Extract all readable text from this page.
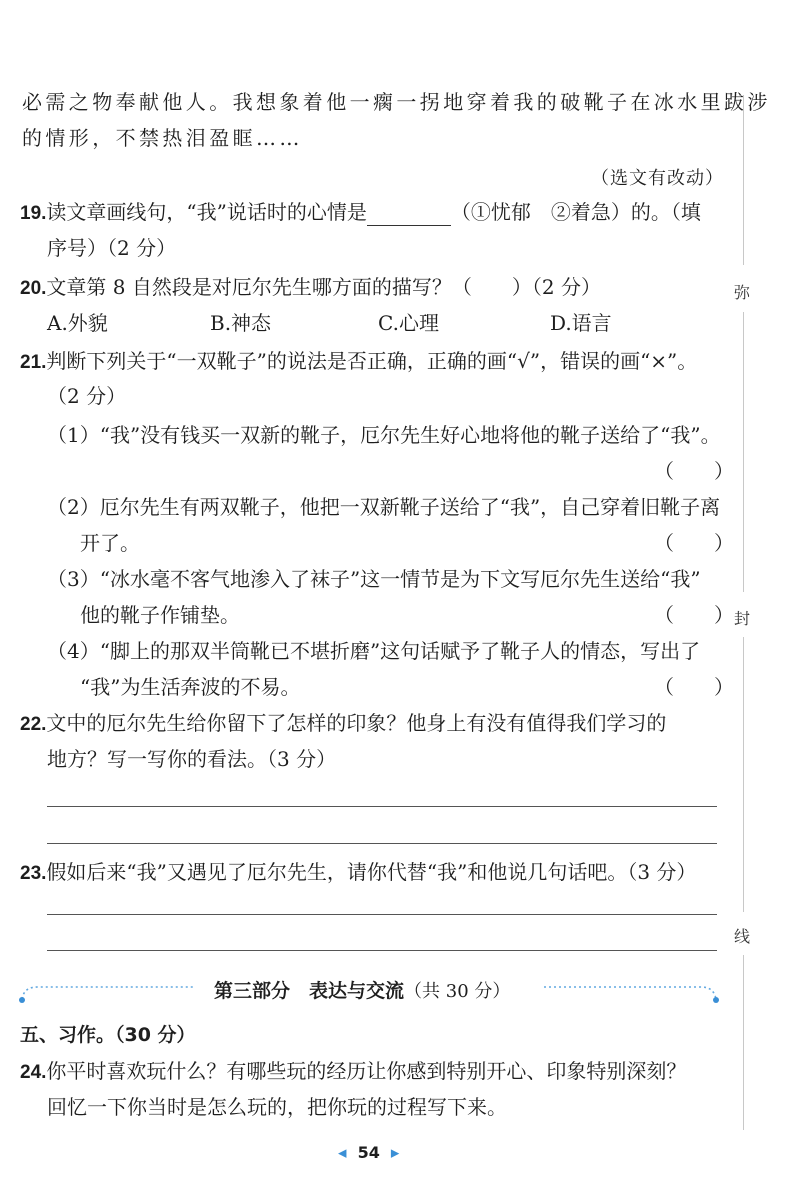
必需之物奉献他人。我想象着他一瘸一拐地穿着我的破靴子在冰水里跋涉
的情形，不禁热泪盈眶……
（选文有改动）
19.读文章画线句，“我”说话时的心情是	（①忧郁　②着急）的。（填
序号）（2 分）
20.文章第 8 自然段是对厄尔先生哪方面的描写？（　　）（2 分）
A.外貌	B.神态	C.心理	D.语言
21.判断下列关于“一双靴子”的说法是否正确，正确的画“√”，错误的画“×”。
（2 分）
（1）“我”没有钱买一双新的靴子，厄尔先生好心地将他的靴子送给了“我”。
（　　）
（2）厄尔先生有两双靴子，他把一双新靴子送给了“我”，自己穿着旧靴子离
开了。	（　　）
（3）“冰水毫不客气地渗入了袜子”这一情节是为下文写厄尔先生送给“我”
他的靴子作铺垫。	（　　）
（4）“脚上的那双半筒靴已不堪折磨”这句话赋予了靴子人的情态，写出了
“我”为生活奔波的不易。	（　　）
22.文中的厄尔先生给你留下了怎样的印象？他身上有没有值得我们学习的
地方？写一写你的看法。（3 分）
23.假如后来“我”又遇见了厄尔先生，请你代替“我”和他说几句话吧。（3 分）
第三部分　表达与交流（共 30 分）
五、习作。（30 分）
24.你平时喜欢玩什么？有哪些玩的经历让你感到特别开心、印象特别深刻？
回忆一下你当时是怎么玩的，把你玩的过程写下来。
弥
封
线
◀ 54 ▶
